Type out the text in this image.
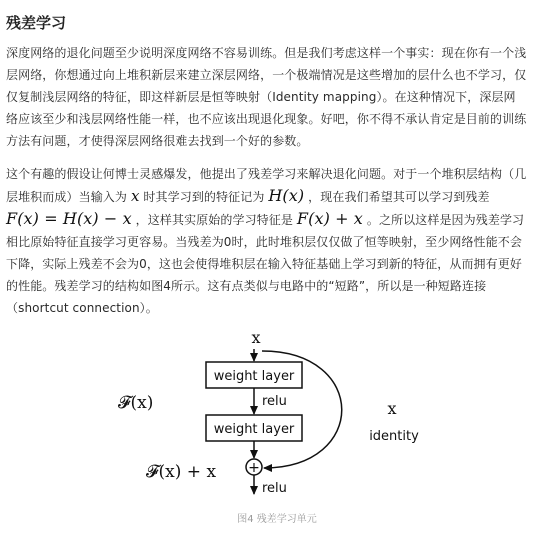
残差学习
深度网络的退化问题至少说明深度网络不容易训练。但是我们考虑这样一个事实：现在你有一个浅
层网络，你想通过向上堆积新层来建立深层网络，一个极端情况是这些增加的层什么也不学习，仅
仅复制浅层网络的特征，即这样新层是恒等映射（Identity mapping）。在这种情况下，深层网
络应该至少和浅层网络性能一样，也不应该出现退化现象。好吧，你不得不承认肯定是目前的训练
方法有问题，才使得深层网络很难去找到一个好的参数。
这个有趣的假设让何博士灵感爆发，他提出了残差学习来解决退化问题。对于一个堆积层结构（几
层堆积而成）当输入为 x 时其学习到的特征记为 H(x) ，现在我们希望其可以学习到残差
F(x) = H(x) − x ，这样其实原始的学习特征是 F(x) + x 。之所以这样是因为残差学习
相比原始特征直接学习更容易。当残差为0时，此时堆积层仅仅做了恒等映射，至少网络性能不会
下降，实际上残差不会为0，这也会使得堆积层在输入特征基础上学习到新的特征，从而拥有更好
的性能。残差学习的结构如图4所示。这有点类似与电路中的“短路”，所以是一种短路连接
（shortcut connection）。
x
weight layer
relu
weight layer
𝓕(x)	x
identity
+
𝓕(x) + x
relu
图4 残差学习单元
